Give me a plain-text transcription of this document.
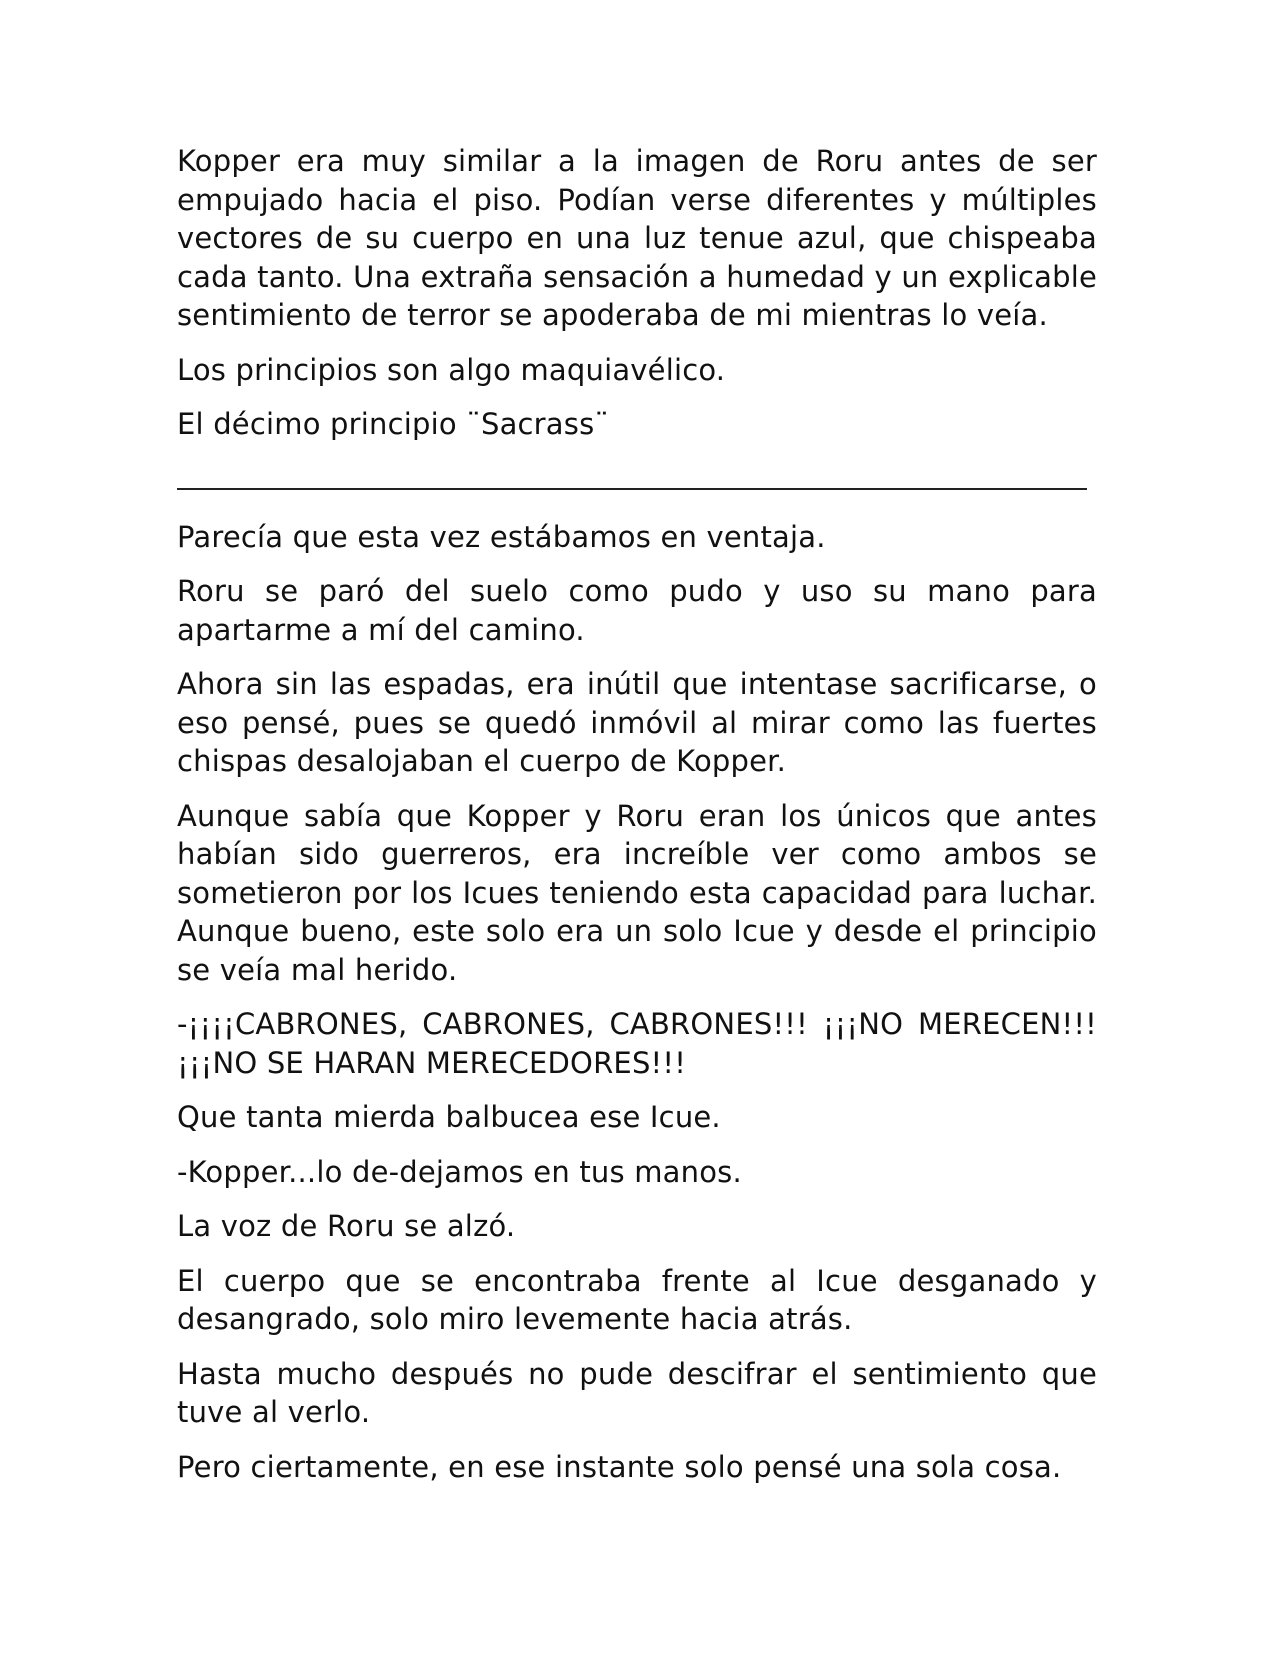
Kopper era muy similar a la imagen de Roru antes de ser empujado hacia el piso. Podían verse diferentes y múltiples vectores de su cuerpo en una luz tenue azul, que chispeaba cada tanto. Una extraña sensación a humedad y un explicable sentimiento de terror se apoderaba de mi mientras lo veía.

Los principios son algo maquiavélico.

El décimo principio ¨Sacrass¨

Parecía que esta vez estábamos en ventaja.

Roru se paró del suelo como pudo y uso su mano para apartarme a mí del camino.

Ahora sin las espadas, era inútil que intentase sacrificarse, o eso pensé, pues se quedó inmóvil al mirar como las fuertes chispas desalojaban el cuerpo de Kopper.

Aunque sabía que Kopper y Roru eran los únicos que antes habían sido guerreros, era increíble ver como ambos se sometieron por los Icues teniendo esta capacidad para luchar. Aunque bueno, este solo era un solo Icue y desde el principio se veía mal herido.

-¡¡¡¡CABRONES, CABRONES, CABRONES!!! ¡¡¡NO MERECEN!!! ¡¡¡NO SE HARAN MERECEDORES!!!

Que tanta mierda balbucea ese Icue.

-Kopper...lo de-dejamos en tus manos.

La voz de Roru se alzó.

El cuerpo que se encontraba frente al Icue desganado y desangrado, solo miro levemente hacia atrás.

Hasta mucho después no pude descifrar el sentimiento que tuve al verlo.

Pero ciertamente, en ese instante solo pensé una sola cosa.
